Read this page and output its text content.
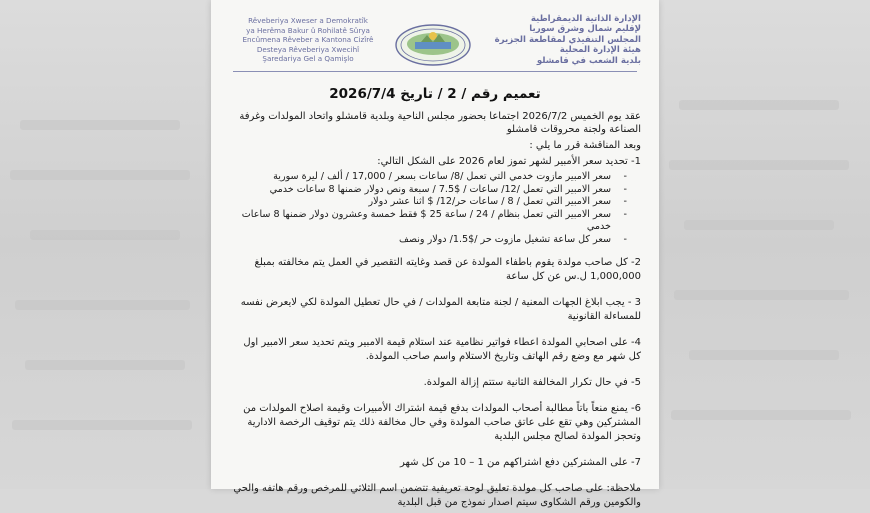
Rêveberiya Xweser a Demokratîk
ya Herêma Bakur û Rohilatê Sûrya
Encûmena Rêveber a Kantona Cizîrê
Desteya Rêveberiya Xwecihî
Şaredariya Gel a Qamişlo
الإدارة الذاتية الديمقراطية
لإقليم شمال وشرق سوريا
المجلس التنفيذي لمقاطعة الجزيرة
هيئة الإدارة المحلية
بلدية الشعب في قامشلو
تعميم رقم / 2 / تاريخ 2026/7/4

عقد يوم الخميس 2026/7/2 اجتماعا بحضور مجلس الناحية وبلدية قامشلو واتحاد المولدات وغرفة الصناعة ولجنة محروقات قامشلو

وبعد المناقشة قرر ما يلي :

1- تحديد سعر الأمبير لشهر تموز لعام 2026 على الشكل التالي:

- سعر الامبير مازوت خدمي التي تعمل /8/ ساعات بسعر / 17,000 / ألف / ليرة سورية

- سعر الامبير التي تعمل /12/ ساعات / $7.5 / سبعة ونص دولار ضمنها 8 ساعات خدمي

- سعر الامبير التي تعمل / 8 / ساعات حر/12/ $ اثنا عشر دولار

- سعر الامبير التي تعمل بنظام / 24 / ساعة 25 $ فقط خمسة وعشرون دولار ضمنها 8 ساعات خدمي

- سعر كل ساعة تشغيل مازوت حر /$1.5/ دولار ونصف

2- كل صاحب مولدة يقوم باطفاء المولدة عن قصد وغايته التقصير في العمل يتم مخالفته بمبلغ 1,000,000 ل.س عن كل ساعة

3 - يجب ابلاغ الجهات المعنية / لجنة متابعة المولدات / في حال تعطيل المولدة لكي لايعرض نفسه للمساءلة القانونية

4- على اصحابي المولدة اعطاء فواتير نظامية عند استلام قيمة الامبير ويتم تحديد سعر الامبير اول كل شهر مع وضع رقم الهاتف وتاريخ الاستلام واسم صاحب المولدة.

5- في حال تكرار المخالفة الثانية ستتم إزالة المولدة.

6- يمنع منعاً باتاً مطالبة أصحاب المولدات بدفع قيمة اشتراك الأمبيرات وقيمة اصلاح المولدات من المشتركين وهي تقع على عاتق صاحب المولدة وفي حال مخالفة ذلك يتم توقيف الرخصة الادارية وتحجز المولدة لصالح مجلس البلدية

7- على المشتركين دفع اشتراكهم من 1 – 10 من كل شهر

ملاحظة: على صاحب كل مولدة تعليق لوحة تعريفية تتضمن اسم الثلاثي للمرخص ورقم هاتفه والحي والكومين ورقم الشكاوى سيتم اصدار نموذج من قبل البلدية
